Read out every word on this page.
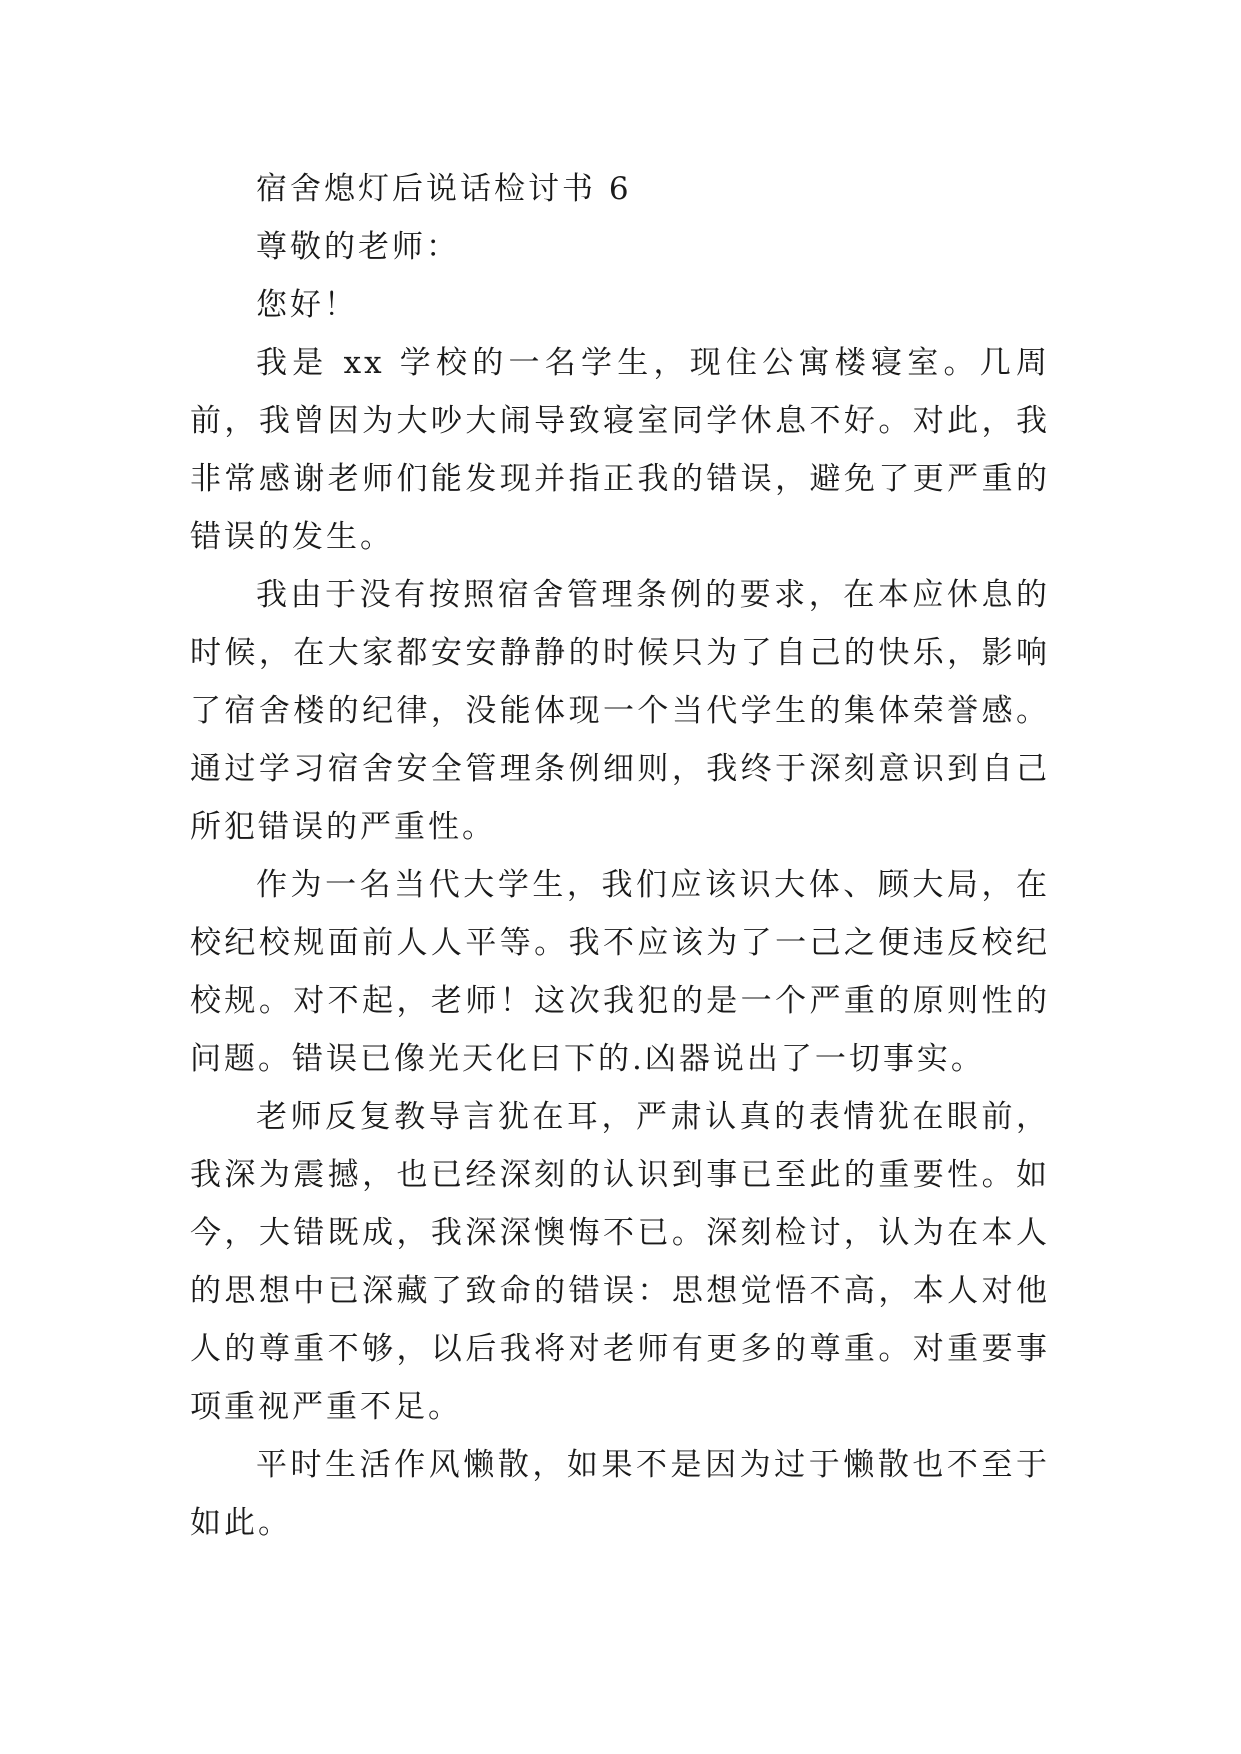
宿舍熄灯后说话检讨书 6

尊敬的老师：

您好！

我是 xx 学校的一名学生，现住公寓楼寝室。几周前，我曾因为大吵大闹导致寝室同学休息不好。对此，我非常感谢老师们能发现并指正我的错误，避免了更严重的错误的发生。

我由于没有按照宿舍管理条例的要求，在本应休息的时候，在大家都安安静静的时候只为了自己的快乐，影响了宿舍楼的纪律，没能体现一个当代学生的集体荣誉感。通过学习宿舍安全管理条例细则，我终于深刻意识到自己所犯错误的严重性。

作为一名当代大学生，我们应该识大体、顾大局，在校纪校规面前人人平等。我不应该为了一己之便违反校纪校规。对不起，老师！这次我犯的是一个严重的原则性的问题。错误已像光天化曰下的.凶器说出了一切事实。

老师反复教导言犹在耳，严肃认真的表情犹在眼前，我深为震撼，也已经深刻的认识到事已至此的重要性。如今，大错既成，我深深懊悔不已。深刻检讨，认为在本人的思想中已深藏了致命的错误：思想觉悟不高，本人对他人的尊重不够，以后我将对老师有更多的尊重。对重要事项重视严重不足。

平时生活作风懒散，如果不是因为过于懒散也不至于如此。
